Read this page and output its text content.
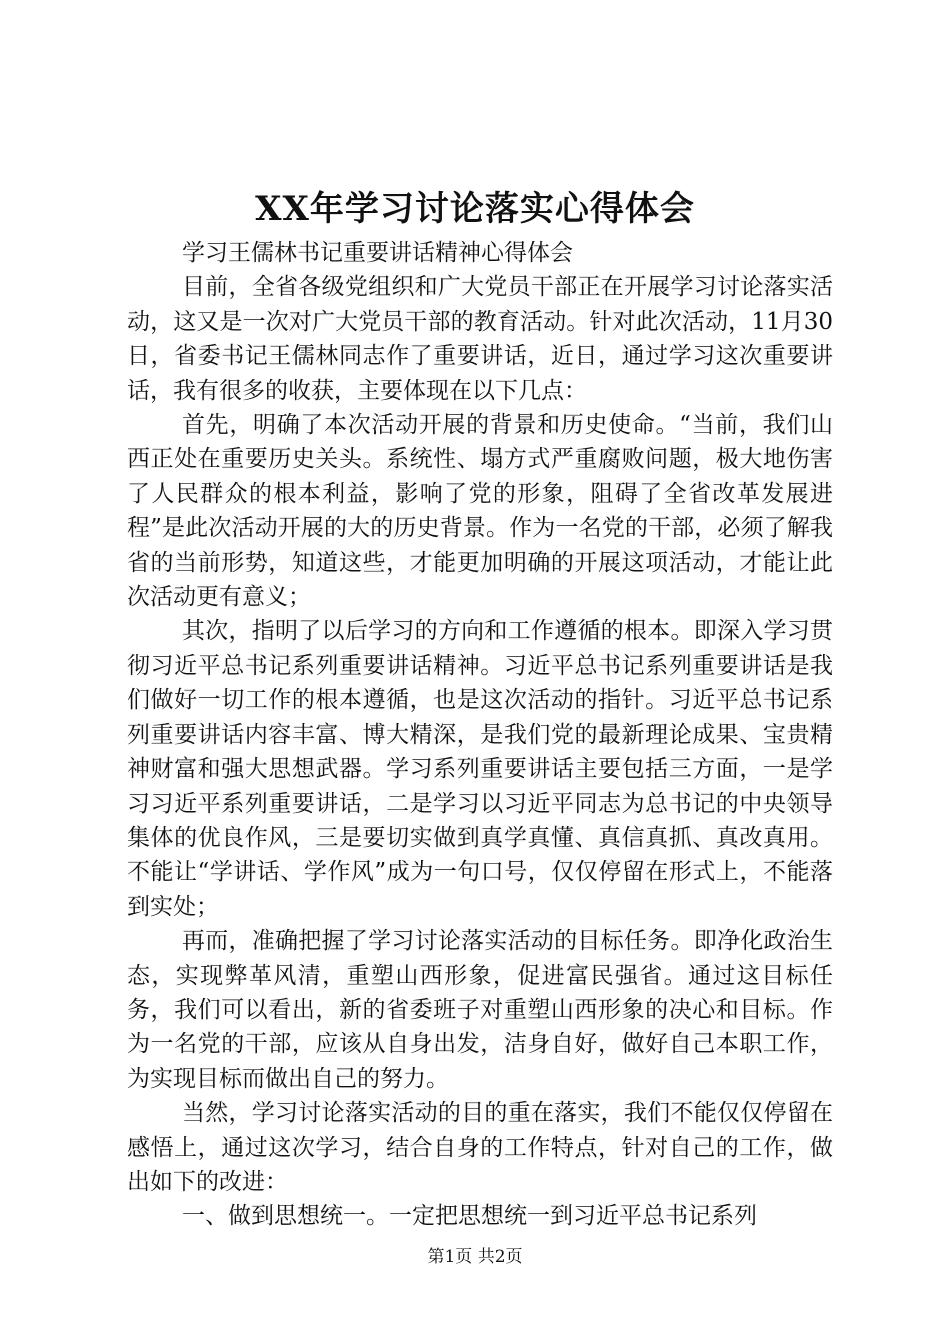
XX年学习讨论落实心得体会

学习王儒林书记重要讲话精神心得体会

目前，全省各级党组织和广大党员干部正在开展学习讨论落实活动，这又是一次对广大党员干部的教育活动。针对此次活动，11月30日，省委书记王儒林同志作了重要讲话，近日，通过学习这次重要讲话，我有很多的收获，主要体现在以下几点：

首先，明确了本次活动开展的背景和历史使命。“当前，我们山西正处在重要历史关头。系统性、塌方式严重腐败问题，极大地伤害了人民群众的根本利益，影响了党的形象，阻碍了全省改革发展进程”是此次活动开展的大的历史背景。作为一名党的干部，必须了解我省的当前形势，知道这些，才能更加明确的开展这项活动，才能让此次活动更有意义；

其次，指明了以后学习的方向和工作遵循的根本。即深入学习贯彻习近平总书记系列重要讲话精神。习近平总书记系列重要讲话是我们做好一切工作的根本遵循，也是这次活动的指针。习近平总书记系列重要讲话内容丰富、博大精深，是我们党的最新理论成果、宝贵精神财富和强大思想武器。学习系列重要讲话主要包括三方面，一是学习习近平系列重要讲话，二是学习以习近平同志为总书记的中央领导集体的优良作风，三是要切实做到真学真懂、真信真抓、真改真用。不能让“学讲话、学作风”成为一句口号，仅仅停留在形式上，不能落到实处；

再而，准确把握了学习讨论落实活动的目标任务。即净化政治生态，实现弊革风清，重塑山西形象，促进富民强省。通过这目标任务，我们可以看出，新的省委班子对重塑山西形象的决心和目标。作为一名党的干部，应该从自身出发，洁身自好，做好自己本职工作，为实现目标而做出自己的努力。

当然，学习讨论落实活动的目的重在落实，我们不能仅仅停留在感悟上，通过这次学习，结合自身的工作特点，针对自己的工作，做出如下的改进：

一、做到思想统一。一定把思想统一到习近平总书记系列

第1页 共2页
